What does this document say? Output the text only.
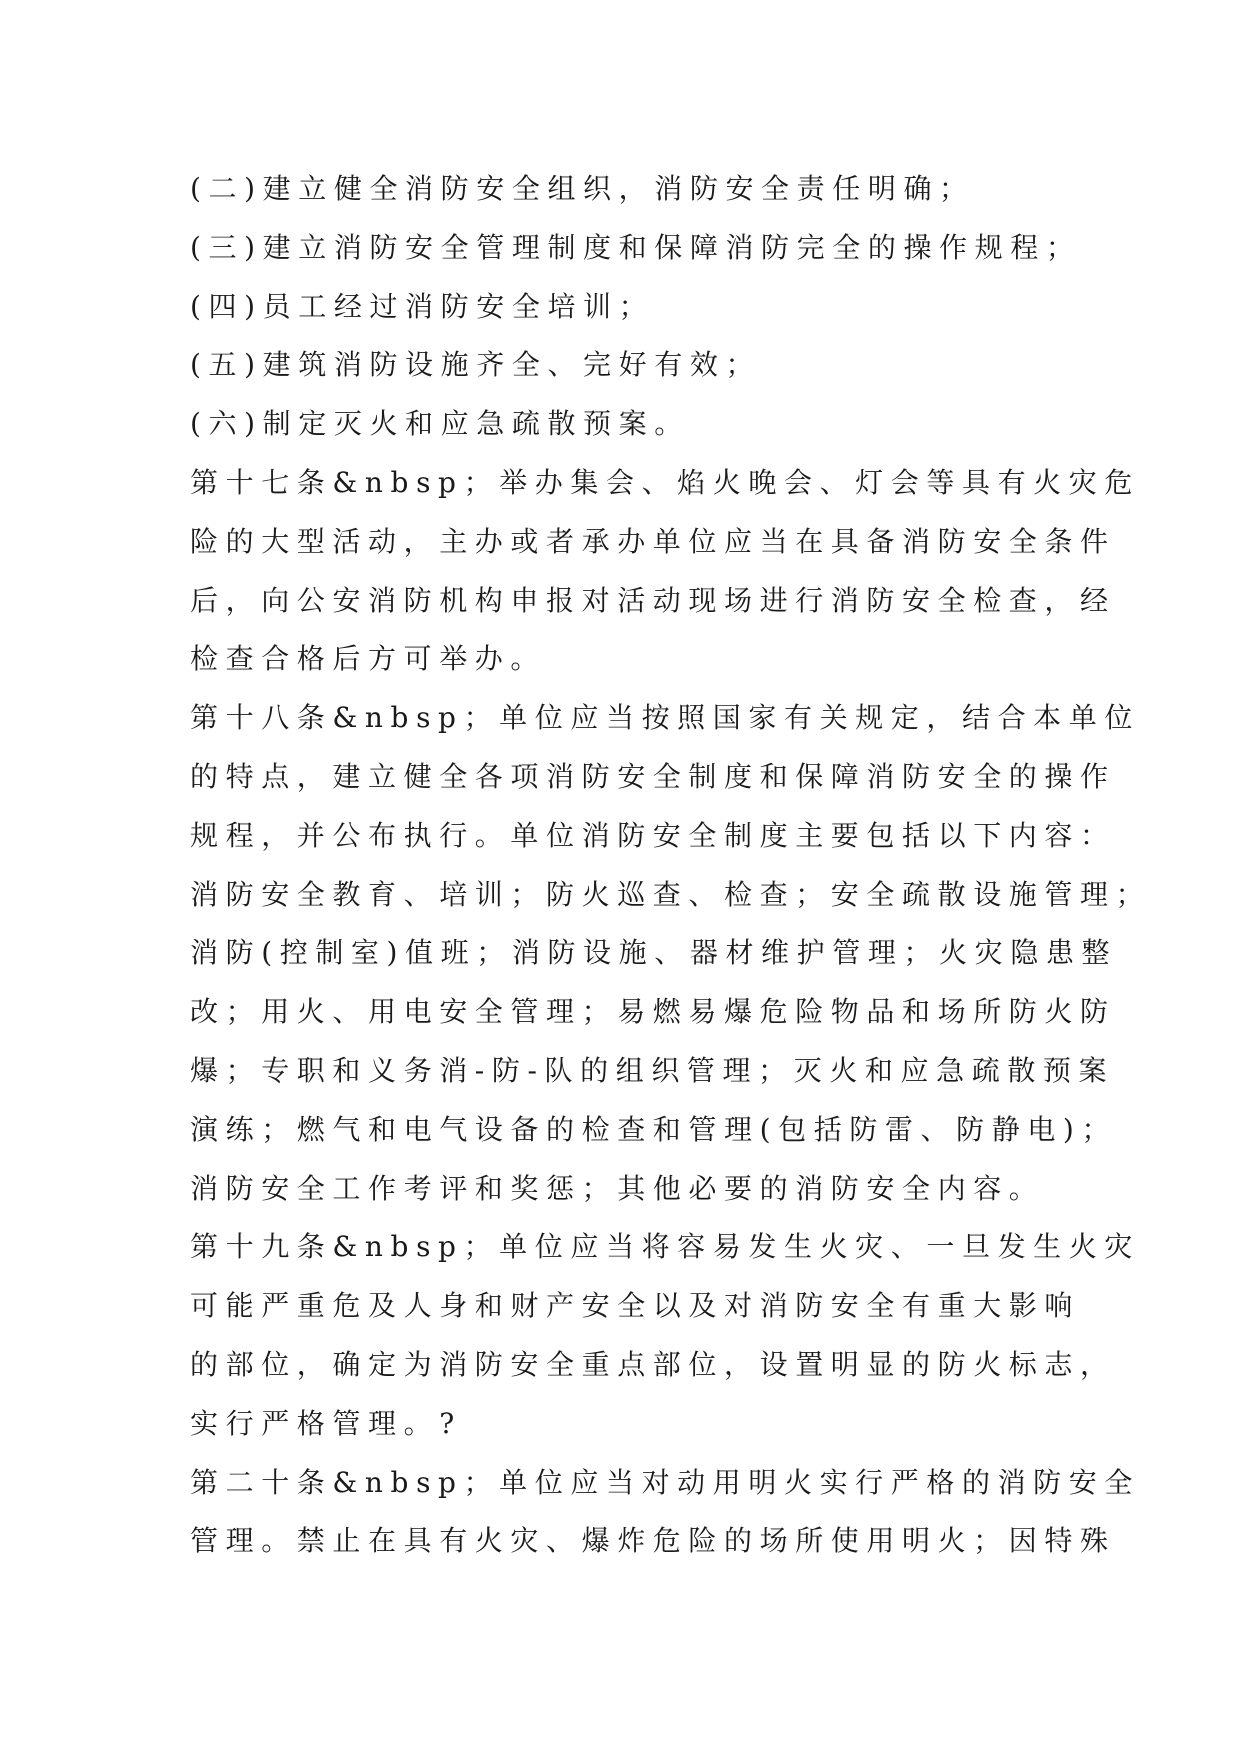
(二)建立健全消防安全组织，消防安全责任明确；
(三)建立消防安全管理制度和保障消防完全的操作规程；
(四)员工经过消防安全培训；
(五)建筑消防设施齐全、完好有效；
(六)制定灭火和应急疏散预案。
第十七条&nbsp；举办集会、焰火晚会、灯会等具有火灾危
险的大型活动，主办或者承办单位应当在具备消防安全条件
后，向公安消防机构申报对活动现场进行消防安全检查，经
检查合格后方可举办。
第十八条&nbsp；单位应当按照国家有关规定，结合本单位
的特点，建立健全各项消防安全制度和保障消防安全的操作
规程，并公布执行。单位消防安全制度主要包括以下内容：
消防安全教育、培训；防火巡查、检查；安全疏散设施管理；
消防(控制室)值班；消防设施、器材维护管理；火灾隐患整
改；用火、用电安全管理；易燃易爆危险物品和场所防火防
爆；专职和义务消-防-队的组织管理；灭火和应急疏散预案
演练；燃气和电气设备的检查和管理(包括防雷、防静电)；
消防安全工作考评和奖惩；其他必要的消防安全内容。
第十九条&nbsp；单位应当将容易发生火灾、一旦发生火灾
可能严重危及人身和财产安全以及对消防安全有重大影响
的部位，确定为消防安全重点部位，设置明显的防火标志，
实行严格管理。?
第二十条&nbsp；单位应当对动用明火实行严格的消防安全
管理。禁止在具有火灾、爆炸危险的场所使用明火；因特殊
